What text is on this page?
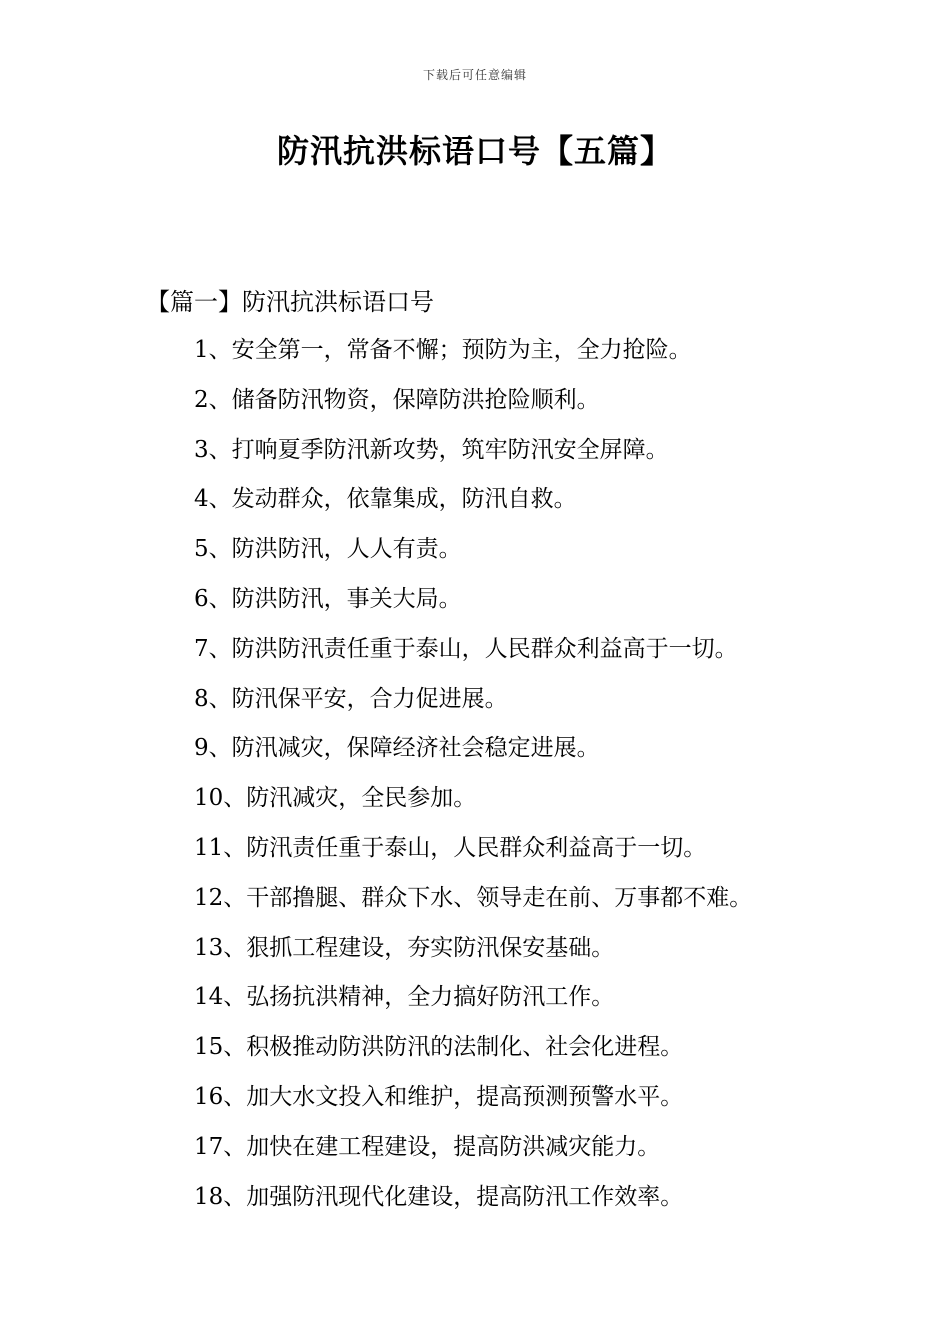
下载后可任意编辑
防汛抗洪标语口号【五篇】
【篇一】防汛抗洪标语口号
1、安全第一，常备不懈；预防为主，全力抢险。
2、储备防汛物资，保障防洪抢险顺利。
3、打响夏季防汛新攻势，筑牢防汛安全屏障。
4、发动群众，依靠集成，防汛自救。
5、防洪防汛，人人有责。
6、防洪防汛，事关大局。
7、防洪防汛责任重于泰山，人民群众利益高于一切。
8、防汛保平安，合力促进展。
9、防汛减灾，保障经济社会稳定进展。
10、防汛减灾，全民参加。
11、防汛责任重于泰山，人民群众利益高于一切。
12、干部撸腿、群众下水、领导走在前、万事都不难。
13、狠抓工程建设，夯实防汛保安基础。
14、弘扬抗洪精神，全力搞好防汛工作。
15、积极推动防洪防汛的法制化、社会化进程。
16、加大水文投入和维护，提高预测预警水平。
17、加快在建工程建设，提高防洪减灾能力。
18、加强防汛现代化建设，提高防汛工作效率。
